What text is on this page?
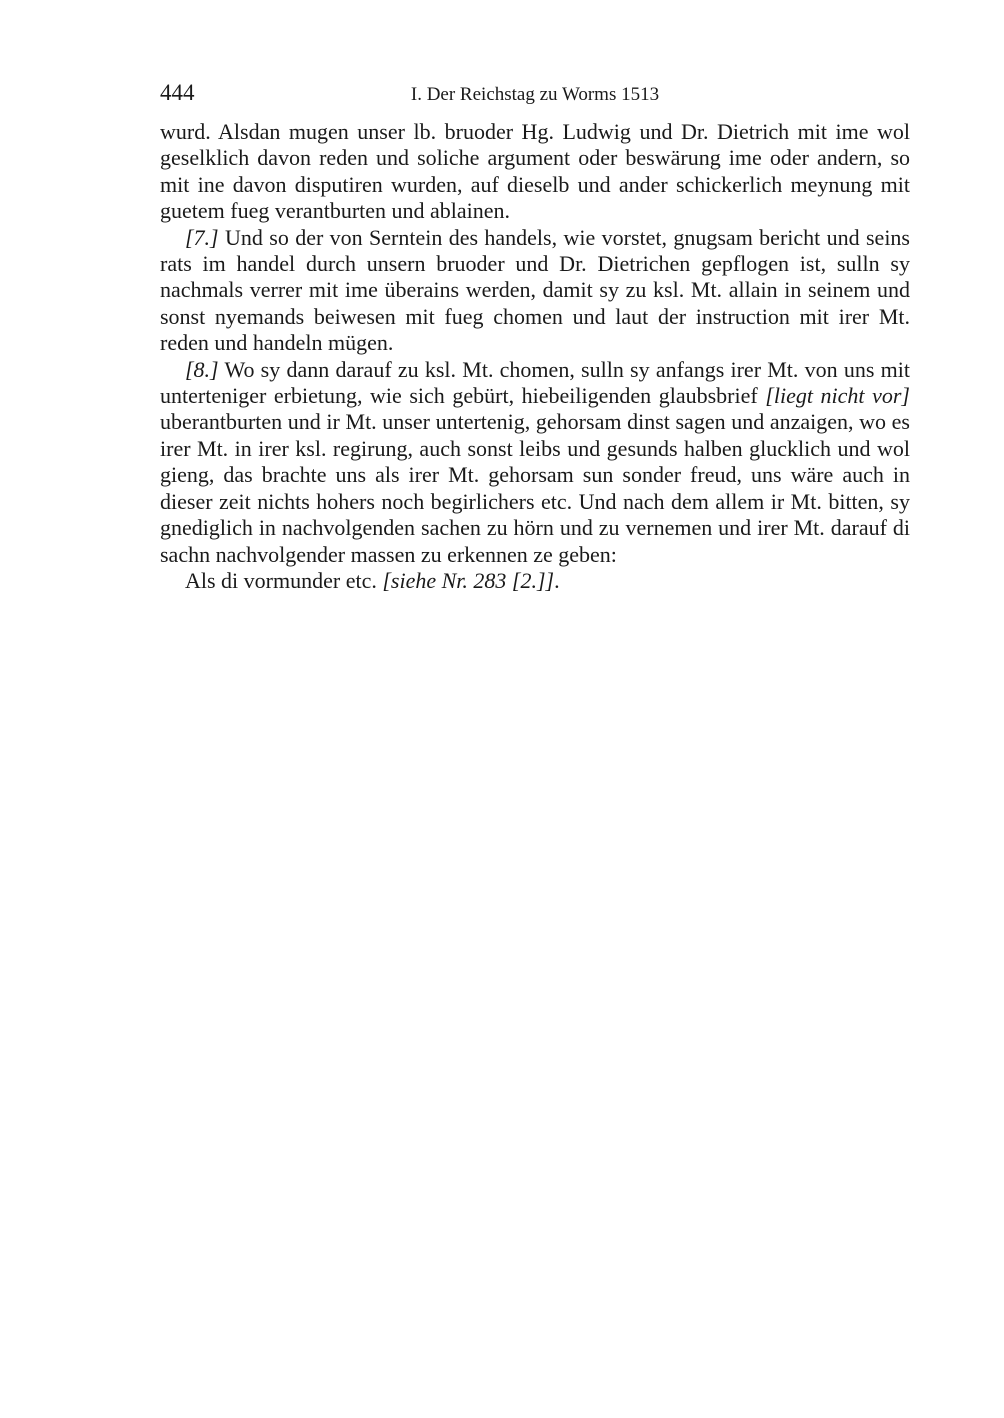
444	I. Der Reichstag zu Worms 1513

wurd. Alsdan mugen unser lb. bruoder Hg. Ludwig und Dr. Dietrich mit ime wol geselklich davon reden und soliche argument oder beswärung ime oder andern, so mit ine davon disputiren wurden, auf dieselb und ander schickerlich meynung mit guetem fueg verantburten und ablainen.

[7.] Und so der von Serntein des handels, wie vorstet, gnugsam bericht und seins rats im handel durch unsern bruoder und Dr. Dietrichen gepflogen ist, sulln sy nachmals verrer mit ime überains werden, damit sy zu ksl. Mt. allain in seinem und sonst nyemands beiwesen mit fueg chomen und laut der instruction mit irer Mt. reden und handeln mügen.

[8.] Wo sy dann darauf zu ksl. Mt. chomen, sulln sy anfangs irer Mt. von uns mit unterteniger erbietung, wie sich gebürt, hiebeiligenden glaubsbrief [liegt nicht vor] uberantburten und ir Mt. unser untertenig, gehorsam dinst sagen und anzaigen, wo es irer Mt. in irer ksl. regirung, auch sonst leibs und gesunds halben glucklich und wol gieng, das brachte uns als irer Mt. gehorsam sun sonder freud, uns wäre auch in dieser zeit nichts hohers noch begirlichers etc. Und nach dem allem ir Mt. bitten, sy gnediglich in nachvolgenden sachen zu hörn und zu vernemen und irer Mt. darauf di sachn nachvolgender massen zu erkennen ze geben:

Als di vormunder etc. [siehe Nr. 283 [2.]].
